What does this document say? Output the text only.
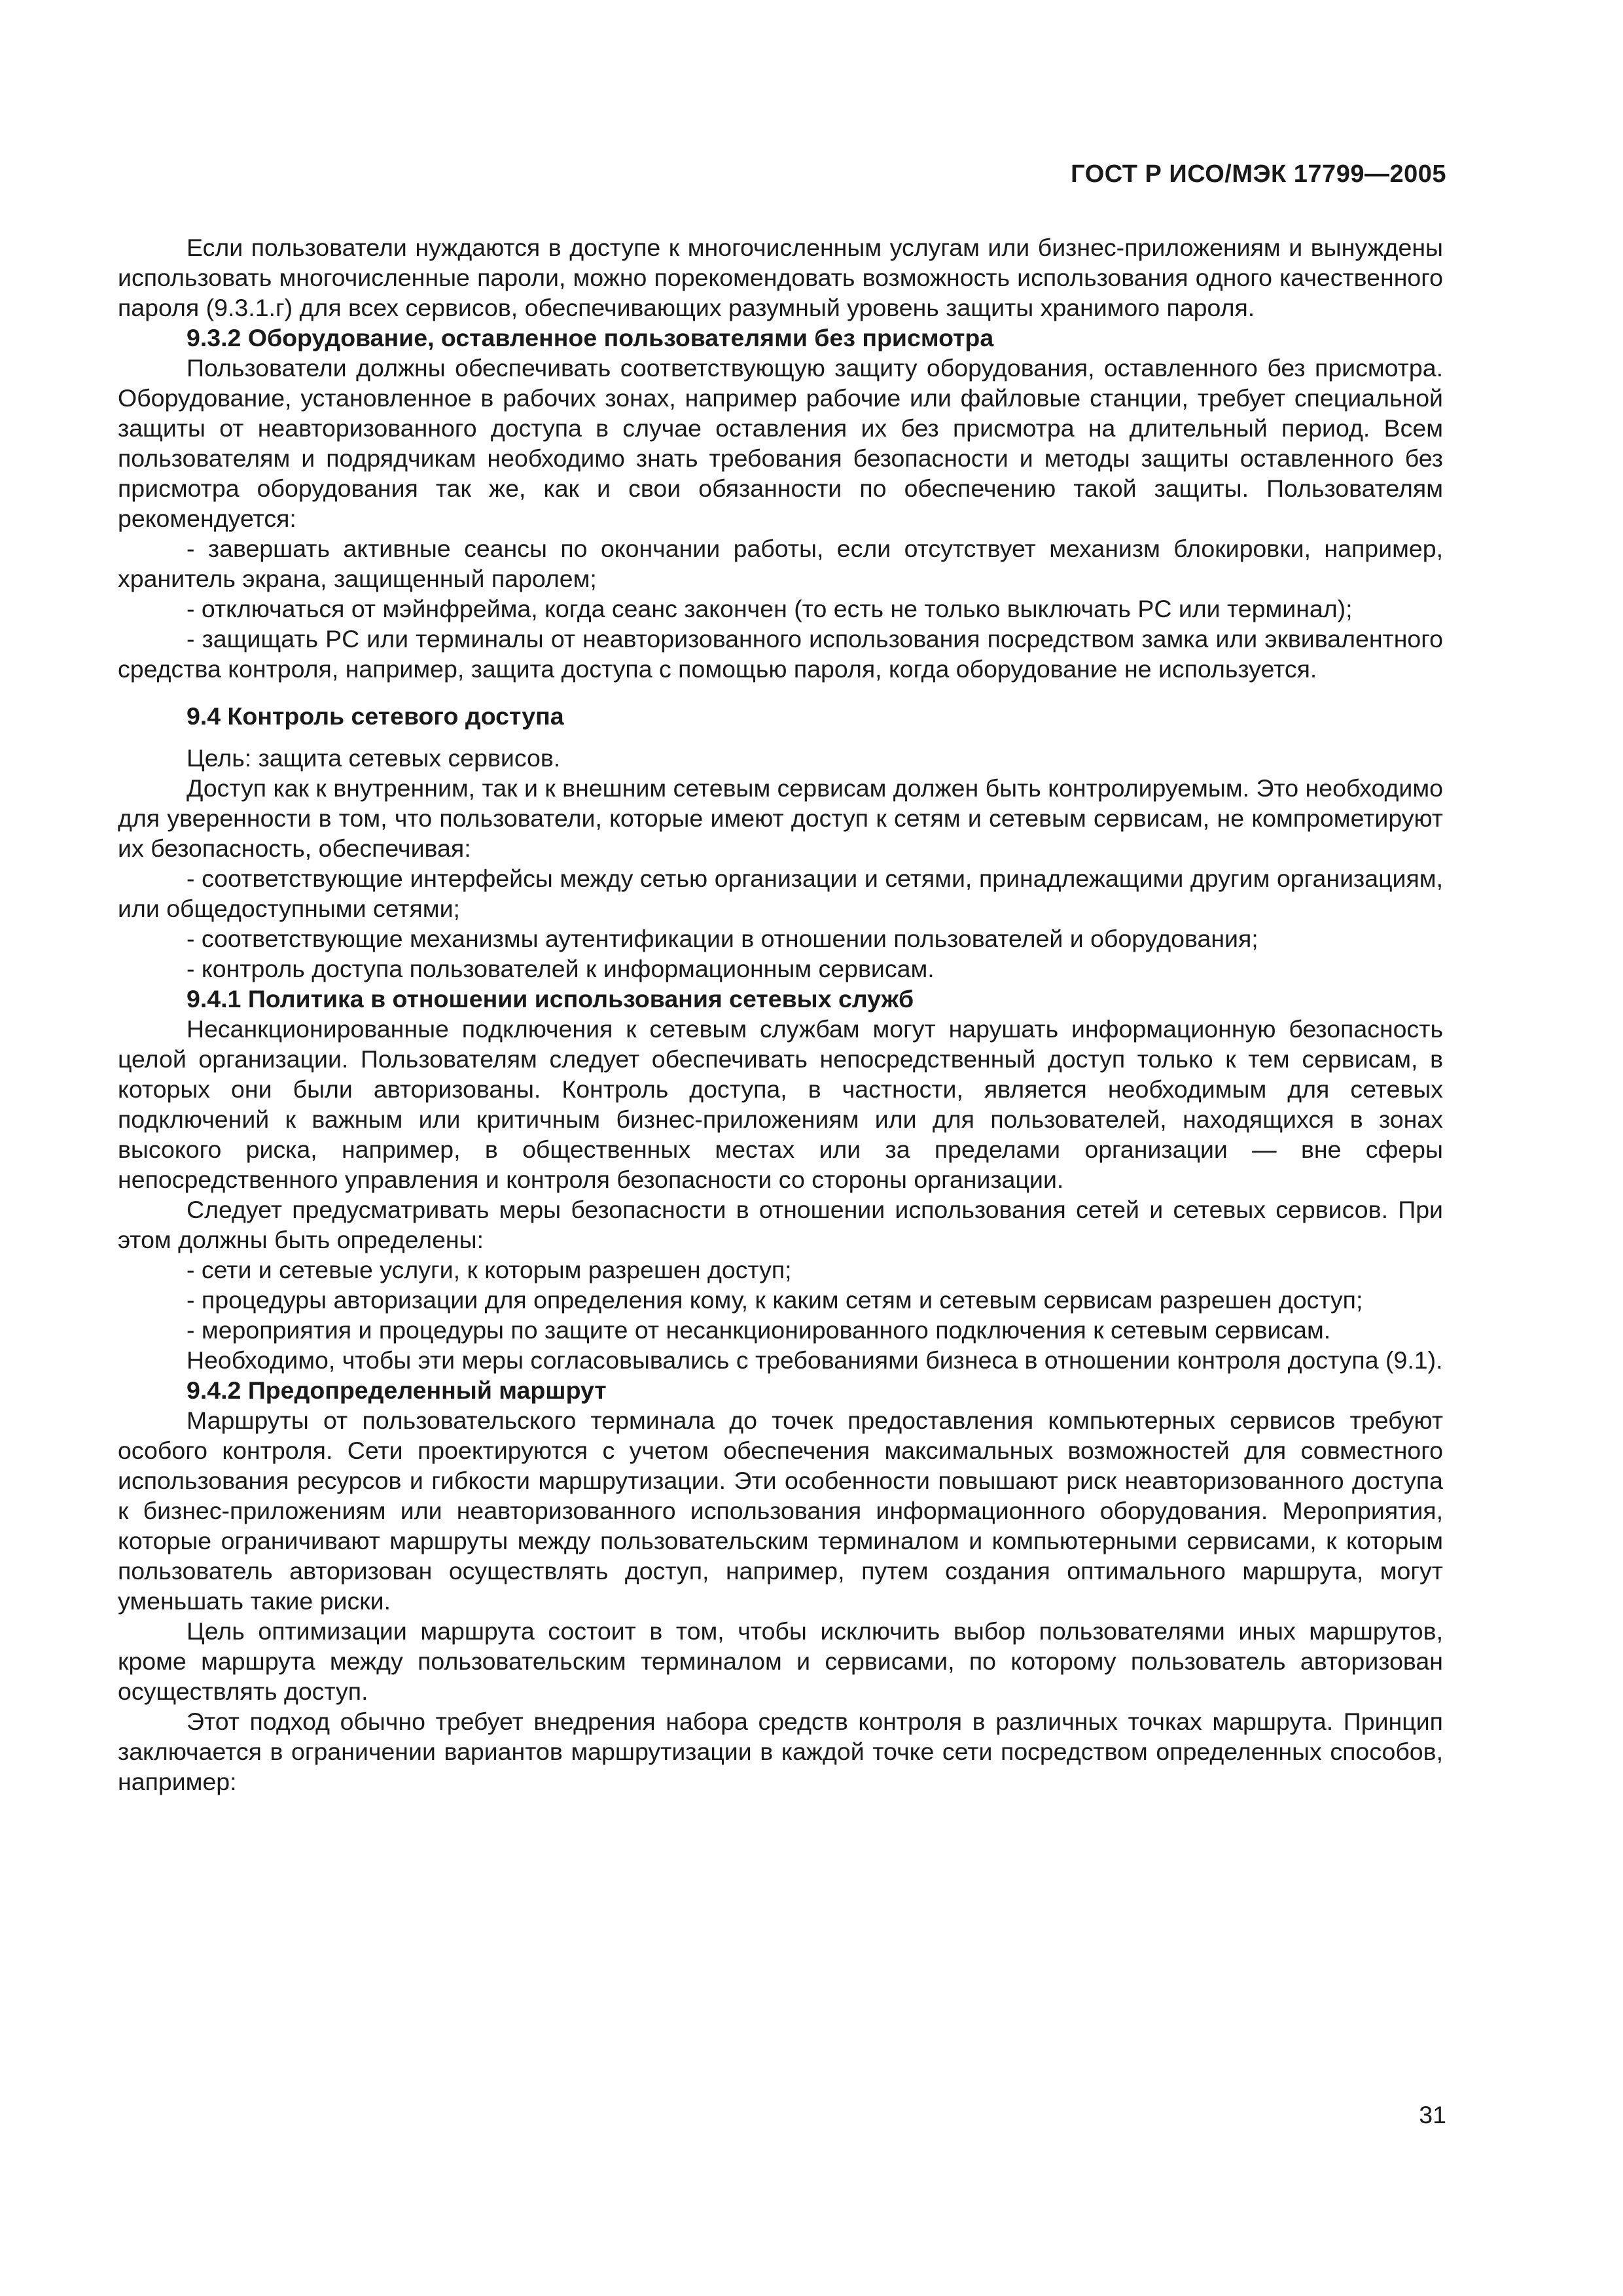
ГОСТ Р ИСО/МЭК 17799—2005

Если пользователи нуждаются в доступе к многочисленным услугам или бизнес-приложениям и вынуждены использовать многочисленные пароли, можно порекомендовать возможность использования одного качественного пароля (9.3.1.г) для всех сервисов, обеспечивающих разумный уровень защиты хранимого пароля.

9.3.2 Оборудование, оставленное пользователями без присмотра

Пользователи должны обеспечивать соответствующую защиту оборудования, оставленного без присмотра. Оборудование, установленное в рабочих зонах, например рабочие или файловые станции, требует специальной защиты от неавторизованного доступа в случае оставления их без присмотра на длительный период. Всем пользователям и подрядчикам необходимо знать требования безопасности и методы защиты оставленного без присмотра оборудования так же, как и свои обязанности по обеспечению такой защиты. Пользователям рекомендуется:

- завершать активные сеансы по окончании работы, если отсутствует механизм блокировки, например, хранитель экрана, защищенный паролем;

- отключаться от мэйнфрейма, когда сеанс закончен (то есть не только выключать PC или терминал);

- защищать PC или терминалы от неавторизованного использования посредством замка или эквивалентного средства контроля, например, защита доступа с помощью пароля, когда оборудование не используется.

9.4 Контроль сетевого доступа

Цель: защита сетевых сервисов.

Доступ как к внутренним, так и к внешним сетевым сервисам должен быть контролируемым. Это необходимо для уверенности в том, что пользователи, которые имеют доступ к сетям и сетевым сервисам, не компрометируют их безопасность, обеспечивая:

- соответствующие интерфейсы между сетью организации и сетями, принадлежащими другим организациям, или общедоступными сетями;

- соответствующие механизмы аутентификации в отношении пользователей и оборудования;

- контроль доступа пользователей к информационным сервисам.

9.4.1 Политика в отношении использования сетевых служб

Несанкционированные подключения к сетевым службам могут нарушать информационную безопасность целой организации. Пользователям следует обеспечивать непосредственный доступ только к тем сервисам, в которых они были авторизованы. Контроль доступа, в частности, является необходимым для сетевых подключений к важным или критичным бизнес-приложениям или для пользователей, находящихся в зонах высокого риска, например, в общественных местах или за пределами организации — вне сферы непосредственного управления и контроля безопасности со стороны организации.

Следует предусматривать меры безопасности в отношении использования сетей и сетевых сервисов. При этом должны быть определены:

- сети и сетевые услуги, к которым разрешен доступ;

- процедуры авторизации для определения кому, к каким сетям и сетевым сервисам разрешен доступ;

- мероприятия и процедуры по защите от несанкционированного подключения к сетевым сервисам.

Необходимо, чтобы эти меры согласовывались с требованиями бизнеса в отношении контроля доступа (9.1).

9.4.2 Предопределенный маршрут

Маршруты от пользовательского терминала до точек предоставления компьютерных сервисов требуют особого контроля. Сети проектируются с учетом обеспечения максимальных возможностей для совместного использования ресурсов и гибкости маршрутизации. Эти особенности повышают риск неавторизованного доступа к бизнес-приложениям или неавторизованного использования информационного оборудования. Мероприятия, которые ограничивают маршруты между пользовательским терминалом и компьютерными сервисами, к которым пользователь авторизован осуществлять доступ, например, путем создания оптимального маршрута, могут уменьшать такие риски.

Цель оптимизации маршрута состоит в том, чтобы исключить выбор пользователями иных маршрутов, кроме маршрута между пользовательским терминалом и сервисами, по которому пользователь авторизован осуществлять доступ.

Этот подход обычно требует внедрения набора средств контроля в различных точках маршрута. Принцип заключается в ограничении вариантов маршрутизации в каждой точке сети посредством определенных способов, например:

31
